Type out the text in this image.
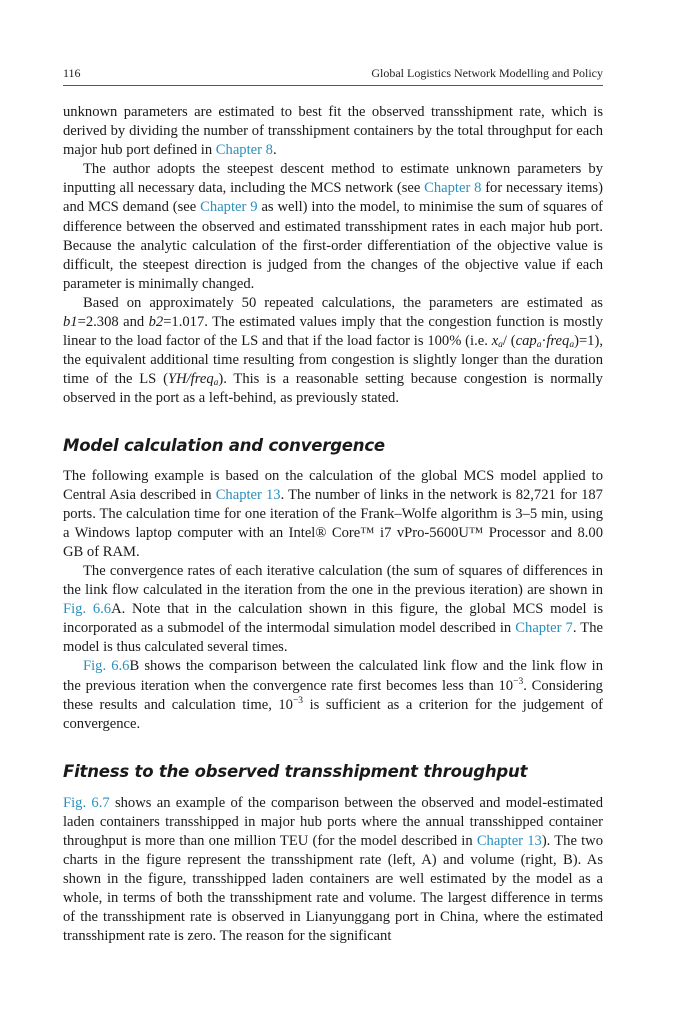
116	Global Logistics Network Modelling and Policy

unknown parameters are estimated to best fit the observed transshipment rate, which is derived by dividing the number of transshipment containers by the total throughput for each major hub port defined in Chapter 8.

The author adopts the steepest descent method to estimate unknown parameters by inputting all necessary data, including the MCS network (see Chapter 8 for necessary items) and MCS demand (see Chapter 9 as well) into the model, to minimise the sum of squares of difference between the observed and estimated transshipment rates in each major hub port. Because the analytic calculation of the first-order differentiation of the objective value is difficult, the steepest direction is judged from the changes of the objective value if each parameter is minimally changed.

Based on approximately 50 repeated calculations, the parameters are estimated as b1=2.308 and b2=1.017. The estimated values imply that the congestion function is mostly linear to the load factor of the LS and that if the load factor is 100% (i.e. $x_a/$ (cap$_a$·freq$_a$)=1), the equivalent additional time resulting from congestion is slightly longer than the duration time of the LS (YH/freq$_a$). This is a reasonable setting because congestion is normally observed in the port as a left-behind, as previously stated.

Model calculation and convergence

The following example is based on the calculation of the global MCS model applied to Central Asia described in Chapter 13. The number of links in the network is 82,721 for 187 ports. The calculation time for one iteration of the Frank–Wolfe algorithm is 3–5 min, using a Windows laptop computer with an Intel® Core™ i7 vPro-5600U™ Processor and 8.00 GB of RAM.

The convergence rates of each iterative calculation (the sum of squares of differences in the link flow calculated in the iteration from the one in the previous iteration) are shown in Fig. 6.6A. Note that in the calculation shown in this figure, the global MCS model is incorporated as a submodel of the intermodal simulation model described in Chapter 7. The model is thus calculated several times.

Fig. 6.6B shows the comparison between the calculated link flow and the link flow in the previous iteration when the convergence rate first becomes less than $10^{-3}$. Considering these results and calculation time, $10^{-3}$ is sufficient as a criterion for the judgement of convergence.

Fitness to the observed transshipment throughput

Fig. 6.7 shows an example of the comparison between the observed and model-estimated laden containers transshipped in major hub ports where the annual transshipped container throughput is more than one million TEU (for the model described in Chapter 13). The two charts in the figure represent the transshipment rate (left, A) and volume (right, B). As shown in the figure, transshipped laden containers are well estimated by the model as a whole, in terms of both the transshipment rate and volume. The largest difference in terms of the transshipment rate is observed in Lianyunggang port in China, where the estimated transshipment rate is zero. The reason for the significant
